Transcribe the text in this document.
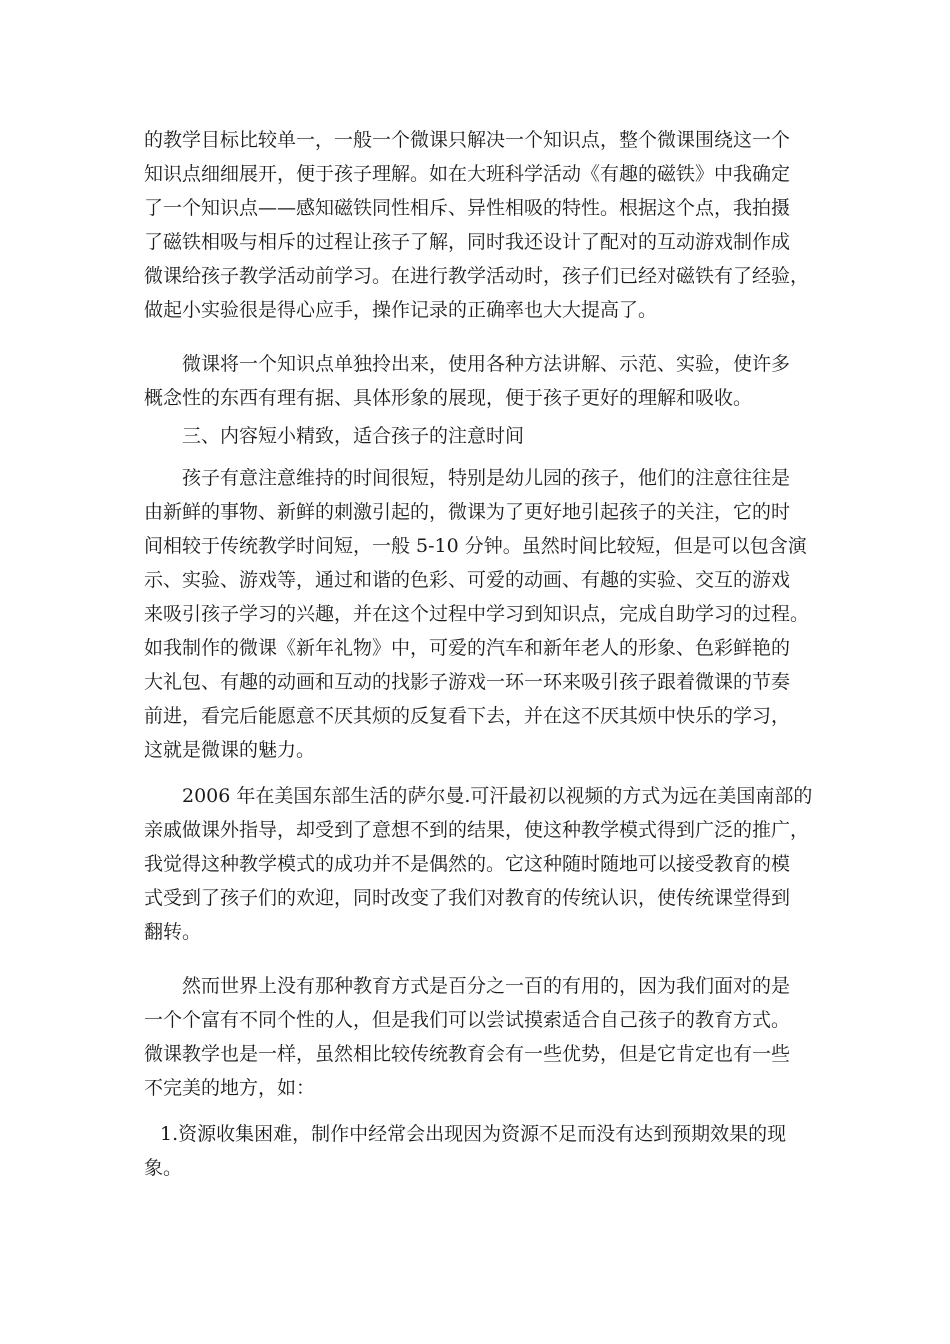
的教学目标比较单一，一般一个微课只解决一个知识点，整个微课围绕这一个
知识点细细展开，便于孩子理解。如在大班科学活动《有趣的磁铁》中我确定
了一个知识点——感知磁铁同性相斥、异性相吸的特性。根据这个点，我拍摄
了磁铁相吸与相斥的过程让孩子了解，同时我还设计了配对的互动游戏制作成
微课给孩子教学活动前学习。在进行教学活动时，孩子们已经对磁铁有了经验，
做起小实验很是得心应手，操作记录的正确率也大大提高了。
微课将一个知识点单独拎出来，使用各种方法讲解、示范、实验，使许多
概念性的东西有理有据、具体形象的展现，便于孩子更好的理解和吸收。
三、内容短小精致，适合孩子的注意时间
孩子有意注意维持的时间很短，特别是幼儿园的孩子，他们的注意往往是
由新鲜的事物、新鲜的刺激引起的，微课为了更好地引起孩子的关注，它的时
间相较于传统教学时间短，一般 5-10 分钟。虽然时间比较短，但是可以包含演
示、实验、游戏等，通过和谐的色彩、可爱的动画、有趣的实验、交互的游戏
来吸引孩子学习的兴趣，并在这个过程中学习到知识点，完成自助学习的过程。
如我制作的微课《新年礼物》中，可爱的汽车和新年老人的形象、色彩鲜艳的
大礼包、有趣的动画和互动的找影子游戏一环一环来吸引孩子跟着微课的节奏
前进，看完后能愿意不厌其烦的反复看下去，并在这不厌其烦中快乐的学习，
这就是微课的魅力。
2006 年在美国东部生活的萨尔曼.可汗最初以视频的方式为远在美国南部的
亲戚做课外指导，却受到了意想不到的结果，使这种教学模式得到广泛的推广，
我觉得这种教学模式的成功并不是偶然的。它这种随时随地可以接受教育的模
式受到了孩子们的欢迎，同时改变了我们对教育的传统认识，使传统课堂得到
翻转。
然而世界上没有那种教育方式是百分之一百的有用的，因为我们面对的是
一个个富有不同个性的人，但是我们可以尝试摸索适合自己孩子的教育方式。
微课教学也是一样，虽然相比较传统教育会有一些优势，但是它肯定也有一些
不完美的地方，如：
1.资源收集困难，制作中经常会出现因为资源不足而没有达到预期效果的现
象。
